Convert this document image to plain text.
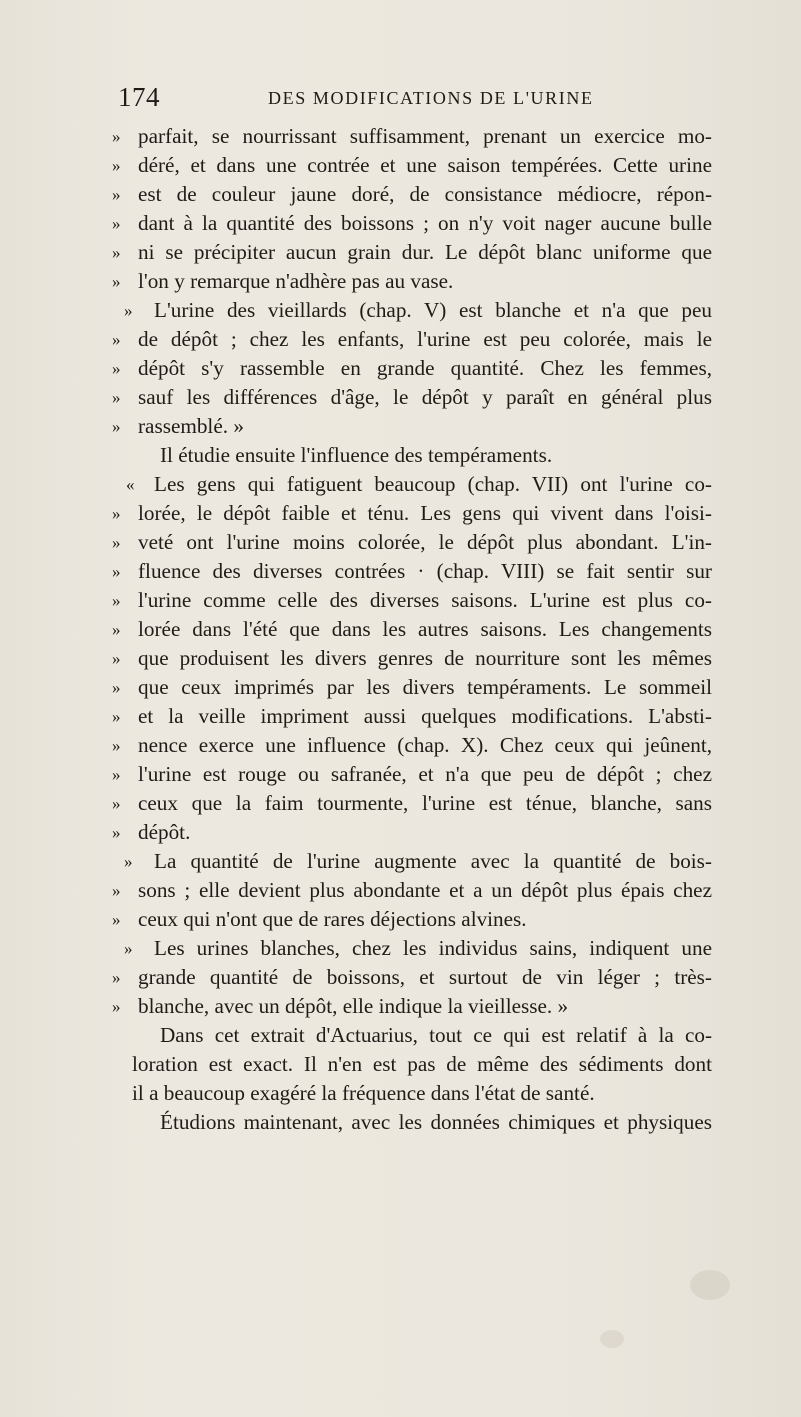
174	DES MODIFICATIONS DE L'URINE
» parfait, se nourrissant suffisamment, prenant un exercice mo-
» déré, et dans une contrée et une saison tempérées. Cette urine
» est de couleur jaune doré, de consistance médiocre, répon-
» dant à la quantité des boissons ; on n'y voit nager aucune bulle
» ni se précipiter aucun grain dur. Le dépôt blanc uniforme que
» l'on y remarque n'adhère pas au vase.
» L'urine des vieillards (chap. V) est blanche et n'a que peu
» de dépôt ; chez les enfants, l'urine est peu colorée, mais le
» dépôt s'y rassemble en grande quantité. Chez les femmes,
» sauf les différences d'âge, le dépôt y paraît en général plus
» rassemblé. »
Il étudie ensuite l'influence des tempéraments.
« Les gens qui fatiguent beaucoup (chap. VII) ont l'urine co-
» lorée, le dépôt faible et ténu. Les gens qui vivent dans l'oisi-
» veté ont l'urine moins colorée, le dépôt plus abondant. L'in-
» fluence des diverses contrées · (chap. VIII) se fait sentir sur
» l'urine comme celle des diverses saisons. L'urine est plus co-
» lorée dans l'été que dans les autres saisons. Les changements
» que produisent les divers genres de nourriture sont les mêmes
» que ceux imprimés par les divers tempéraments. Le sommeil
» et la veille impriment aussi quelques modifications. L'absti-
» nence exerce une influence (chap. X). Chez ceux qui jeûnent,
» l'urine est rouge ou safranée, et n'a que peu de dépôt ; chez
» ceux que la faim tourmente, l'urine est ténue, blanche, sans
» dépôt.
» La quantité de l'urine augmente avec la quantité de bois-
» sons ; elle devient plus abondante et a un dépôt plus épais chez
» ceux qui n'ont que de rares déjections alvines.
» Les urines blanches, chez les individus sains, indiquent une
» grande quantité de boissons, et surtout de vin léger ; très-
» blanche, avec un dépôt, elle indique la vieillesse. »
Dans cet extrait d'Actuarius, tout ce qui est relatif à la co-
loration est exact. Il n'en est pas de même des sédiments dont
il a beaucoup exagéré la fréquence dans l'état de santé.
Étudions maintenant, avec les données chimiques et physiques
